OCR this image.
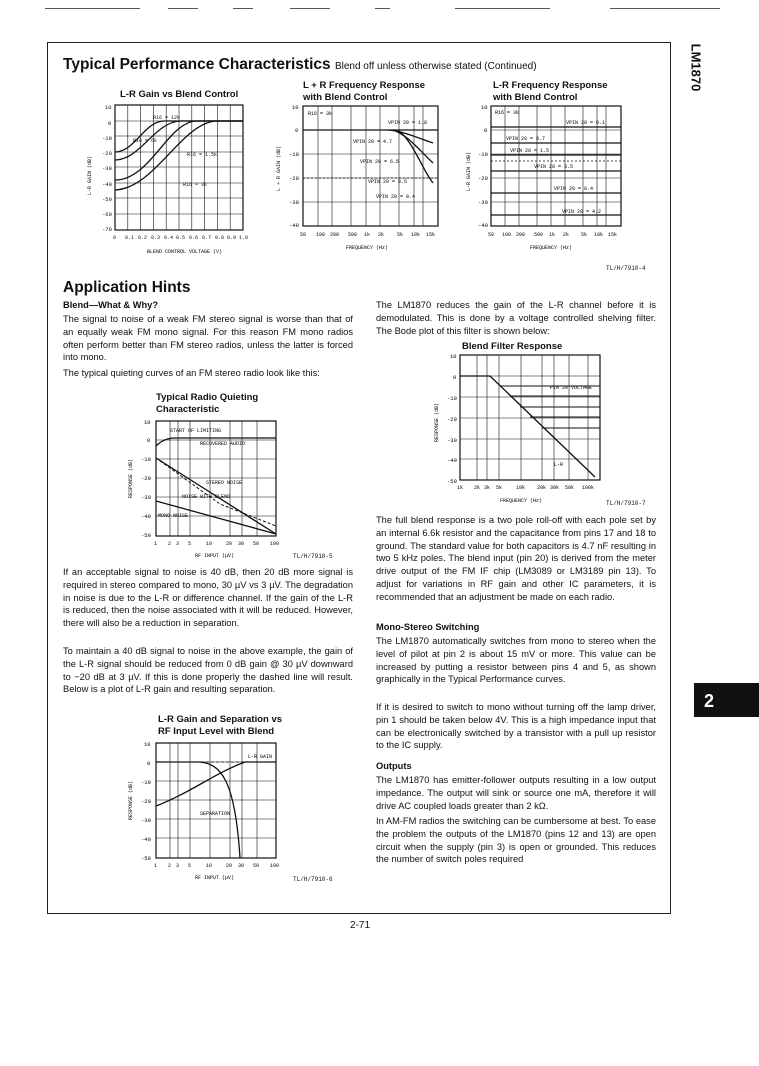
LM1870
2
Typical Performance Characteristics Blend off unless otherwise stated (Continued)
L-R Gain vs Blend Control
10
0
-10
-20
-30
-40
-50
-60
-70
R16 = 12k
R16 = 6k
R16 = 1.5k
R16 = 3k
0 0.1 0.2 0.3 0.4 0.5 0.6 0.7 0.8 0.9 1.0
BLEND CONTROL VOLTAGE (V)
L-R GAIN (dB)
L + R Frequency Response
with Blend Control
10
0
-10
-20
-30
-40
R16 = 3k
VPIN 20 = 1.8
VPIN 20 = 4.7
VPIN 20 = 6.5
VPIN 20 = 8.5
VPIN 20 = 8.4
50 100 200 500 1k 2k	5k 10k 15k
FREQUENCY (Hz)
L + R GAIN (dB)
L-R Frequency Response
with Blend Control
10
0
-10
-20
-30
-40
R16 = 3k
VPIN 20 = 0.1
VPIN 20 = 0.7
VPIN 20 = 1.5
VPIN 20 = 3.5
VPIN 20 = 0.4
VPIN 20 = 4.2
50 100 200 500 1k 2k 5k 10k 15k
FREQUENCY (Hz)
L-R GAIN (dB)
TL/H/7910-4
Application Hints
Blend—What & Why?
The signal to noise of a weak FM stereo signal is worse than that of an equally weak FM mono signal. For this reason FM mono radios often perform better than FM stereo radios, unless the latter is forced into mono.
The typical quieting curves of an FM stereo radio look like this:
Typical Radio Quieting
Characteristic
10
0
-10
-20
-30
-40
-50
START OF LIMITING
RECOVERED AUDIO
STEREO NOISE
NOISE WITH BLEND
MONO NOISE
1 2 3 5	10	20 30 50 100
RF INPUT (µV)
RESPONSE (dB)
TL/H/7910-5
If an acceptable signal to noise is 40 dB, then 20 dB more signal is required in stereo compared to mono, 30 µV vs 3 µV. The degradation in noise is due to the L-R or difference channel. If the gain of the L-R is reduced, then the noise associated with it will be reduced. However, there will also be a reduction in separation.
To maintain a 40 dB signal to noise in the above example, the gain of the L-R signal should be reduced from 0 dB gain @ 30 µV downward to −20 dB at 3 µV. If this is done properly the dashed line will result. Below is a plot of L-R gain and resulting separation.
L-R Gain and Separation vs
RF Input Level with Blend
10
0
-10
-20
-30
-40
-50
L-R GAIN
SEPARATION
1 2 3 5	10	20 30 50 100
RF INPUT (µV)
RESPONSE (dB)
TL/H/7910-6
The LM1870 reduces the gain of the L-R channel before it is demodulated. This is done by a voltage controlled shelving filter. The Bode plot of this filter is shown below:
Blend Filter Response
10
0
-10
-20
-30
-40
-50
PIN 20 VOLTAGE
L-R
1k 2k 3k 5k	10k 20k 30k 50k 100k
FREQUENCY (Hz)
RESPONSE (dB)
TL/H/7910-7
The full blend response is a two pole roll-off with each pole set by an internal 6.6k resistor and the capacitance from pins 17 and 18 to ground. The standard value for both capacitors is 4.7 nF resulting in two 5 kHz poles. The blend input (pin 20) is derived from the meter drive output of the FM IF chip (LM3089 or LM3189 pin 13). To adjust for variations in RF gain and other IC parameters, it is recommended that an adjustment be made on each radio.
Mono-Stereo Switching
The LM1870 automatically switches from mono to stereo when the level of pilot at pin 2 is about 15 mV or more. This value can be increased by putting a resistor between pins 4 and 5, as shown graphically in the Typical Performance curves.
If it is desired to switch to mono without turning off the lamp driver, pin 1 should be taken below 4V. This is a high impedance input that can be electronically switched by a transistor with a pull up resistor to the IC supply.
Outputs
The LM1870 has emitter-follower outputs resulting in a low output impedance. The output will sink or source one mA, therefore it will drive AC coupled loads greater than 2 kΩ.
In AM-FM radios the switching can be cumbersome at best. To ease the problem the outputs of the LM1870 (pins 12 and 13) are open circuit when the supply (pin 3) is open or grounded. This reduces the number of switch poles required
2-71
